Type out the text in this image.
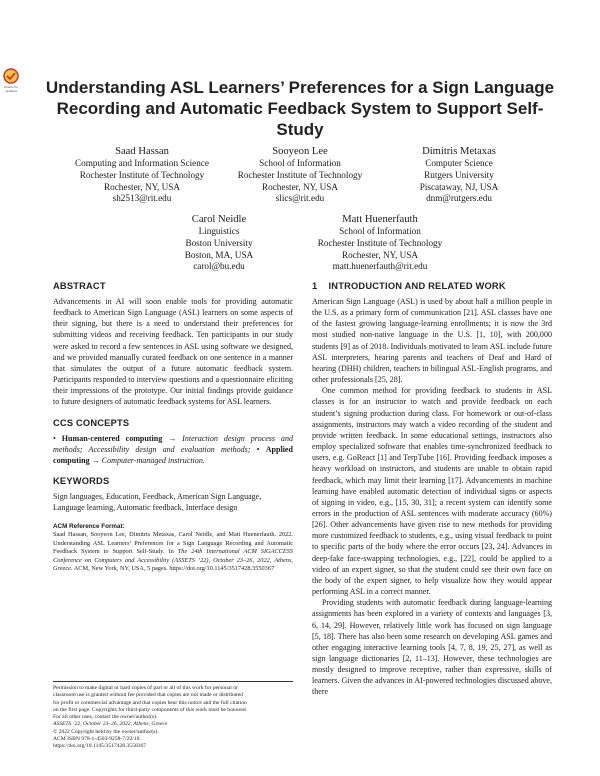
Check for updates	Understanding ASL Learners’ Preferences for a Sign Language Recording and Automatic Feedback System to Support Self-Study
Saad Hassan
Computing and Information Science
Rochester Institute of Technology
Rochester, NY, USA
sh2513@rit.edu
Sooyeon Lee
School of Information
Rochester Institute of Technology
Rochester, NY, USA
slics@rit.edu
Dimitris Metaxas
Computer Science
Rutgers University
Piscataway, NJ, USA
dnm@rutgers.edu
Carol Neidle
Linguistics
Boston University
Boston, MA, USA
carol@bu.edu
Matt Huenerfauth
School of Information
Rochester Institute of Technology
Rochester, NY, USA
matt.huenerfauth@rit.edu
ABSTRACT

Advancements in AI will soon enable tools for providing automatic feedback to American Sign Language (ASL) learners on some aspects of their signing, but there is a need to understand their preferences for submitting videos and receiving feedback. Ten participants in our study were asked to record a few sentences in ASL using software we designed, and we provided manually curated feedback on one sentence in a manner that simulates the output of a future automatic feedback system. Participants responded to interview questions and a questionnaire eliciting their impressions of the prototype. Our initial findings provide guidance to future designers of automatic feedback systems for ASL learners.

CCS CONCEPTS

• Human-centered computing → Interaction design process and methods; Accessibility design and evaluation methods; • Applied computing → Computer-managed instruction.

KEYWORDS

Sign languages, Education, Feedback, American Sign Language, Language learning, Automatic feedback, Interface design

ACM Reference Format:
Saad Hassan, Sooyeon Lee, Dimitris Metaxas, Carol Neidle, and Matt Huenerfauth. 2022. Understanding ASL Learners’ Preferences for a Sign Language Recording and Automatic Feedback System to Support Self-Study. In The 24th International ACM SIGACCESS Conference on Computers and Accessibility (ASSETS ’22), October 23–26, 2022, Athens, Greece. ACM, New York, NY, USA, 5 pages. https://doi.org/10.1145/3517428.3550367
Permission to make digital or hard copies of part or all of this work for personal or
classroom use is granted without fee provided that copies are not made or distributed
for profit or commercial advantage and that copies bear this notice and the full citation
on the first page. Copyrights for third-party components of this work must be honored.
For all other uses, contact the owner/author(s).
ASSETS ’22, October 23–26, 2022, Athens, Greece
© 2022 Copyright held by the owner/author(s).
ACM ISBN 978-1-4503-9258-7/22/10.
https://doi.org/10.1145/3517428.3550367
1    INTRODUCTION AND RELATED WORK

American Sign Language (ASL) is used by about half a million people in the U.S. as a primary form of communication [21]. ASL classes have one of the fastest growing language-learning enrollments; it is now the 3rd most studied non-native language in the U.S. [1, 10], with 200,000 students [9] as of 2018. Individuals motivated to learn ASL include future ASL interpreters, hearing parents and teachers of Deaf and Hard of hearing (DHH) children, teachers in bilingual ASL-English programs, and other professionals [25, 28].

One common method for providing feedback to students in ASL classes is for an instructor to watch and provide feedback on each student’s signing production during class. For homework or out-of-class assignments, instructors may watch a video recording of the student and provide written feedback. In some educational settings, instructors also employ specialized software that enables time-synchronized feedback to users, e.g. GoReact [1] and TerpTube [16]. Providing feedback imposes a heavy workload on instructors, and students are unable to obtain rapid feedback, which may limit their learning [17]. Advancements in machine learning have enabled automatic detection of individual signs or aspects of signing in video, e.g., [15, 30, 31]; a recent system can identify some errors in the production of ASL sentences with moderate accuracy (60%) [26]. Other advancements have given rise to new methods for providing more customized feedback to students, e.g., using visual feedback to point to specific parts of the body where the error occurs [23, 24]. Advances in deep-fake face-swapping technologies, e.g., [22], could be applied to a video of an expert signer, so that the student could see their own face on the body of the expert signer, to help visualize how they would appear performing ASL in a correct manner.

Providing students with automatic feedback during language-learning assignments has been explored in a variety of contexts and languages [3, 6, 14, 29]. However, relatively little work has focused on sign language [5, 18]. There has also been some research on developing ASL games and other engaging interactive learning tools [4, 7, 8, 19, 25, 27], as well as sign language dictionaries [2, 11–13]. However, these technologies are mostly designed to improve receptive, rather than expressive, skills of learners. Given the advances in AI-powered technologies discussed above, there
